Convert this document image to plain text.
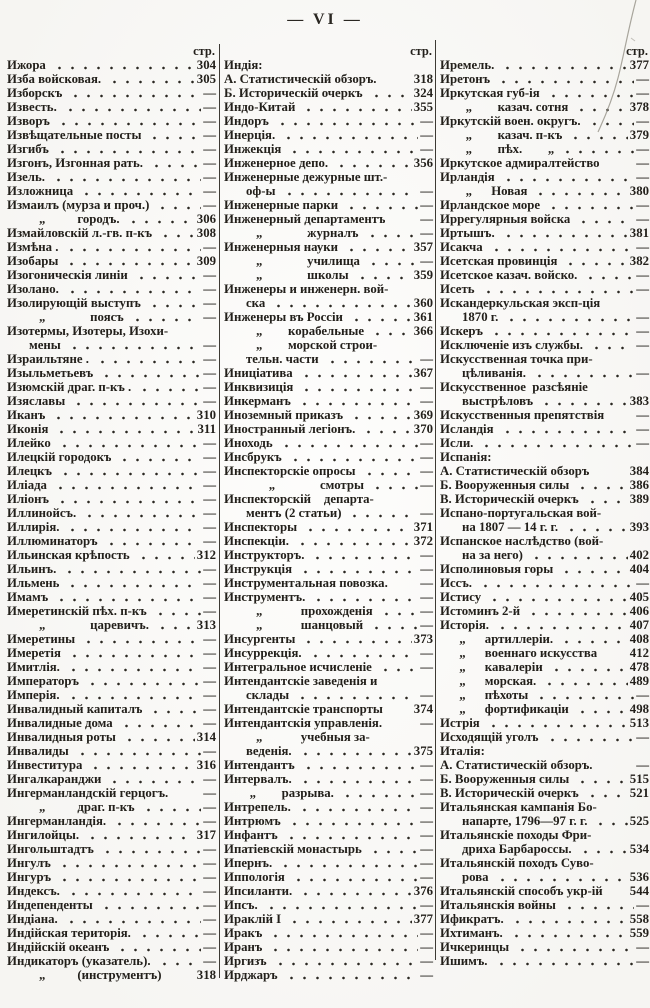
— VI —
стр.
Ижора	304
Изба войсковая.	305
Изборскъ	—
Известь.	—
Изворъ	—
Извѣщательные посты	—
Изгибъ	—
Изгонъ, Изгонная рать.	—
Изель.	—
Изложница	—
Измаилъ (мурза и проч.)	—
„          городъ.	306
Измайловскій л.-гв. п-къ	308
Измѣна .	—
Изобары	309
Изогоническія линіи	—
Изолано.	—
Изолирующій выступъ	—
„              поясъ	—
Изотермы, Изотеры, Изохи-
мены	—
Израильтяне .	—
Изыльметьевъ	—
Изюмскій драг. п-къ .	—
Изяславы	—
Иканъ	310
Иконія	311
Илейко	—
Илецкій городокъ	—
Илецкъ	—
Иліада	—
Иліонъ	—
Иллинойсъ.	—
Иллирія.	—
Иллюминаторъ	—
Ильинская крѣпость	312
Ильинъ.	—
Ильмень	—
Имамъ	—
Имеретинскій пѣх. п-къ	—
„              царевичъ.	313
Имеретины	—
Имеретія	—
Имитлія.	—
Императоръ	—
Имперія.	—
Инвалидный капиталъ	—
Инвалидные дома	—
Инвалидныя роты	314
Инвалиды	—
Инвеститура	316
Ингалкаранджи	—
Ингерманландскій герцогъ.	—
„          драг. п-къ	—
Ингерманландія.	—
Ингилойцы.	317
Ингольштадтъ	—
Ингулъ	—
Ингуръ	—
Индексъ.	—
Индепенденты	—
Индіана.	—
Индійская територія.	—
Индійскій океанъ	—
Индикаторъ (указатель).	—
„          (инструментъ)	318
стр.
Индія:
А. Статистическій обзоръ.	318
Б. Историческій очеркъ	324
Индо-Китай	355
Индоръ	—
Инерція.	—
Инжекція	—
Инженерное депо.	356
Инженерные дежурные шт.-
оф-ы	—
Инженерные парки	—
Инженерный департаментъ	—
„              журналъ	—
Инженерныя науки	357
„              училища	—
„              школы	359
Инженеры и инженерн. вой-
ска	360
Инженеры въ Россіи	361
„        корабельные	366
„        морской строи-
тельн. части	—
Иниціатива	367
Инквизиція	—
Инкерманъ	—
Иноземный приказъ	369
Иностранный легіонъ.	370
Иноходь	—
Инсбрукъ	—
Инспекторскіе опросы	—
„              смотры	—
Инспекторскій    департа-
ментъ (2 статьи)	—
Инспекторы	371
Инспекціи.	372
Инструкторъ.	—
Инструкція	—
Инструментальная повозка.	—
Инструментъ.	—
„            прохожденія	—
„            шанцовый	—
Инсургенты	373
Инсуррекція.	—
Интегральное исчисленіе	—
Интендантскіе заведенія и
склады	—
Интендантскіе транспорты 374
Интендантскія управленія.	—
„            учебныя за-
веденія.	375
Интендантъ	—
Интервалъ.	—
„        разрыва.	—
Интрепель.	—
Интрюмъ	—
Инфантъ	—
Ипатіевскій монастырь	—
Ипернъ.	—
Иппологія	—
Ипсиланти.	376
Ипсъ.	—
Ираклій I	377
Иракъ	—
Иранъ	—
Иргизъ	—
Ирджаръ	—
стр.
Иремель.	377
Иретонъ	—
Иркутская губ-ія	—
„        казач. сотня	378
Иркутскій воен. округъ.	—
„        казач. п-къ	379
„        пѣх.        „	—
Иркутское адмиралтейство	—
Ирландія	—
„      Новая	380
Ирландское море	—
Иррегулярныя войска	—
Иртышъ.	381
Исакча	—
Исетская провинція	382
Исетское казач. войско.	—
Исеть	—
Искандеркульская эксп-ція
1870 г.	—
Искеръ	—
Исключеніе изъ службы.	—
Искусственная точка при-
цѣливанія.	—
Искусственное  разсѣяніе
выстрѣловъ	383
Искусственныя препятствія	—
Исландія	—
Исли.	—
Испанія:
А. Статистическій обзоръ	384
Б. Вооруженныя силы	386
В. Историческій очеркъ	389
Испано-португальская вой-
на 1807 — 14 г. г.	393
Испанское наслѣдство (вой-
на за него)	402
Исполиновыя горы	404
Иссъ.	—
Истису	405
Истоминъ 2-й	406
Исторія.	407
„      артиллеріи.	408
„      военнаго искусства	412
„      кавалеріи	478
„      морская.	489
„      пѣхоты	—
„      фортификаціи	498
Истрія	513
Исходящій уголъ	—
Италія:
А. Статистическій обзоръ.	—
Б. Вооруженныя силы	515
В. Историческій очеркъ	521
Итальянская кампанія Бо-
напарте, 1796—97 г. г.	525
Итальянскіе походы Фри-
дриха Барбароссы.	534
Итальянскій походъ Суво-
рова	536
Итальянскій способъ укр-ій 544
Итальянскія войны	—
Ификратъ.	558
Ихтиманъ.	559
Ичкеринцы	—
Ишимъ.	—
